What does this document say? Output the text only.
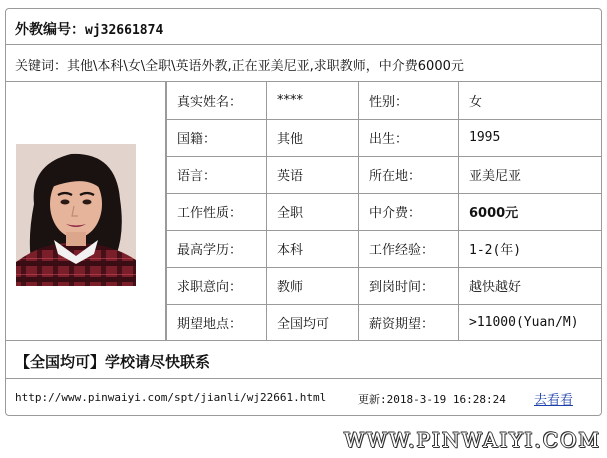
外教编号：wj32661874
关键词：其他\本科\女\全职\英语外教,正在亚美尼亚,求职教师，中介费6000元
真实姓名：	****	性别：	女
国籍：	其他	出生：	1995
语言：	英语	所在地：	亚美尼亚
工作性质：	全职	中介费：	6000元
最高学历：	本科	工作经验：	1-2(年)
求职意向：	教师	到岗时间：	越快越好
期望地点：	全国均可	薪资期望：	>11000(Yuan/M)
【全国均可】学校请尽快联系
http://www.pinwaiyi.com/spt/jianli/wj22661.html	更新:2018-3-19 16:28:24 去看看
WWW.PINWAIYI.COM
